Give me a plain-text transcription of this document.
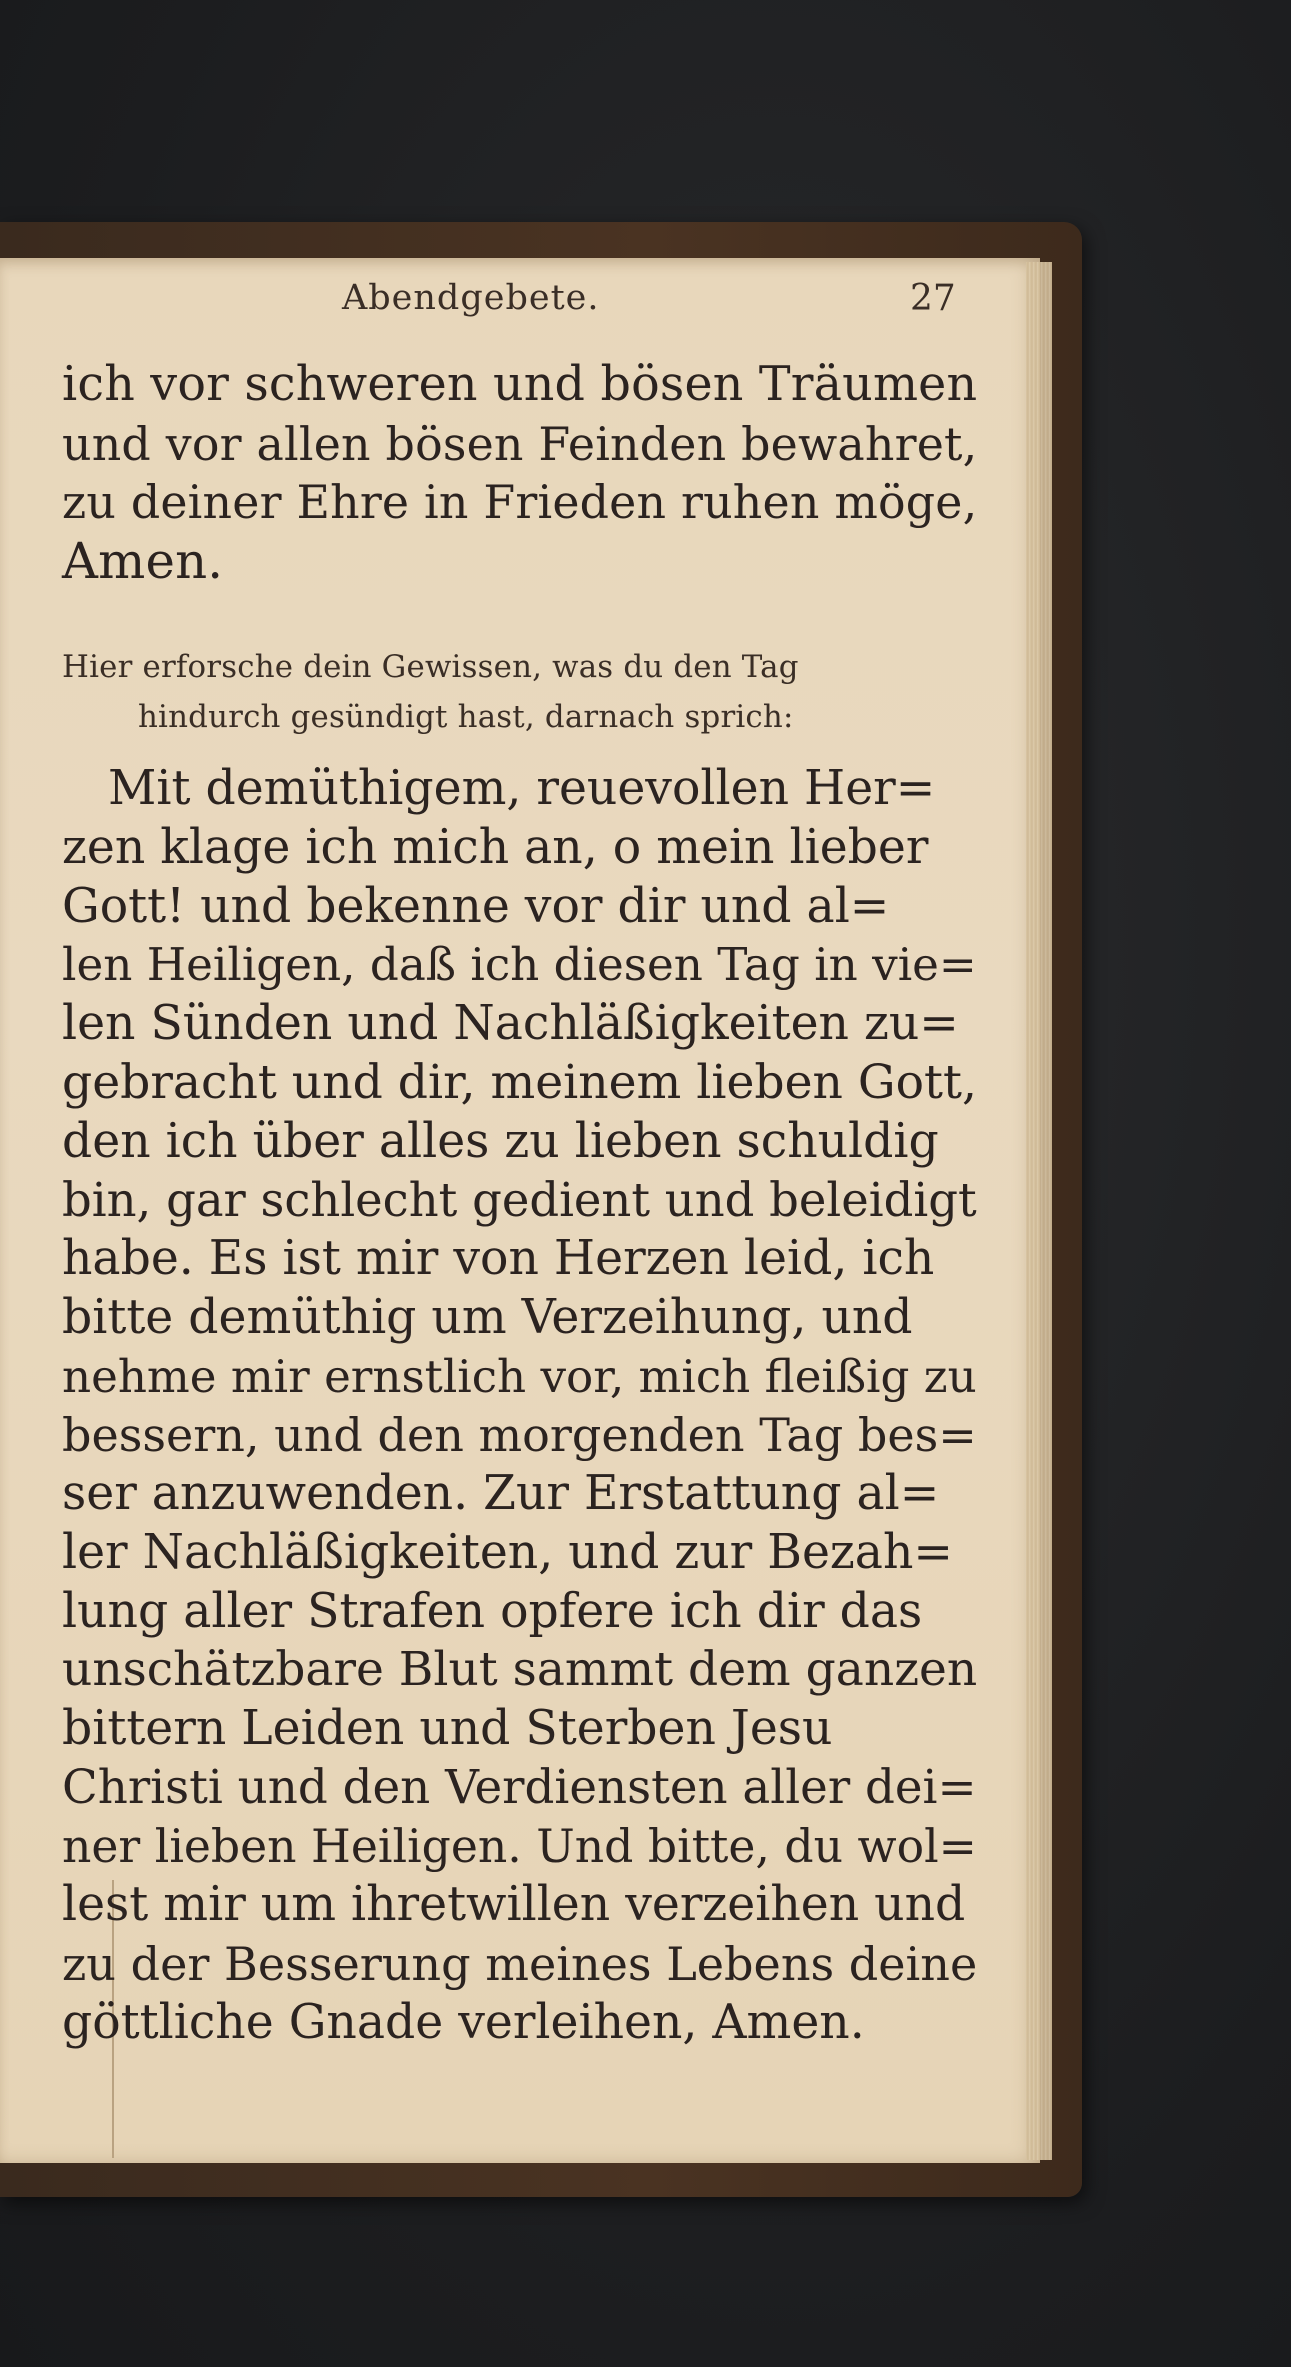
Abendgebete.	27
ich vor schweren und bösen Träumen
und vor allen bösen Feinden bewahret,
zu deiner Ehre in Frieden ruhen möge,
Amen.
Hier erforsche dein Gewissen, was du den Tag
hindurch gesündigt hast, darnach sprich:
Mit demüthigem, reuevollen Her=
zen klage ich mich an, o mein lieber
Gott! und bekenne vor dir und al=
len Heiligen, daß ich diesen Tag in vie=
len Sünden und Nachläßigkeiten zu=
gebracht und dir, meinem lieben Gott,
den ich über alles zu lieben schuldig
bin, gar schlecht gedient und beleidigt
habe. Es ist mir von Herzen leid, ich
bitte demüthig um Verzeihung, und
nehme mir ernstlich vor, mich fleißig zu
bessern, und den morgenden Tag bes=
ser anzuwenden. Zur Erstattung al=
ler Nachläßigkeiten, und zur Bezah=
lung aller Strafen opfere ich dir das
unschätzbare Blut sammt dem ganzen
bittern Leiden und Sterben Jesu
Christi und den Verdiensten aller dei=
ner lieben Heiligen. Und bitte, du wol=
lest mir um ihretwillen verzeihen und
zu der Besserung meines Lebens deine
göttliche Gnade verleihen, Amen.
